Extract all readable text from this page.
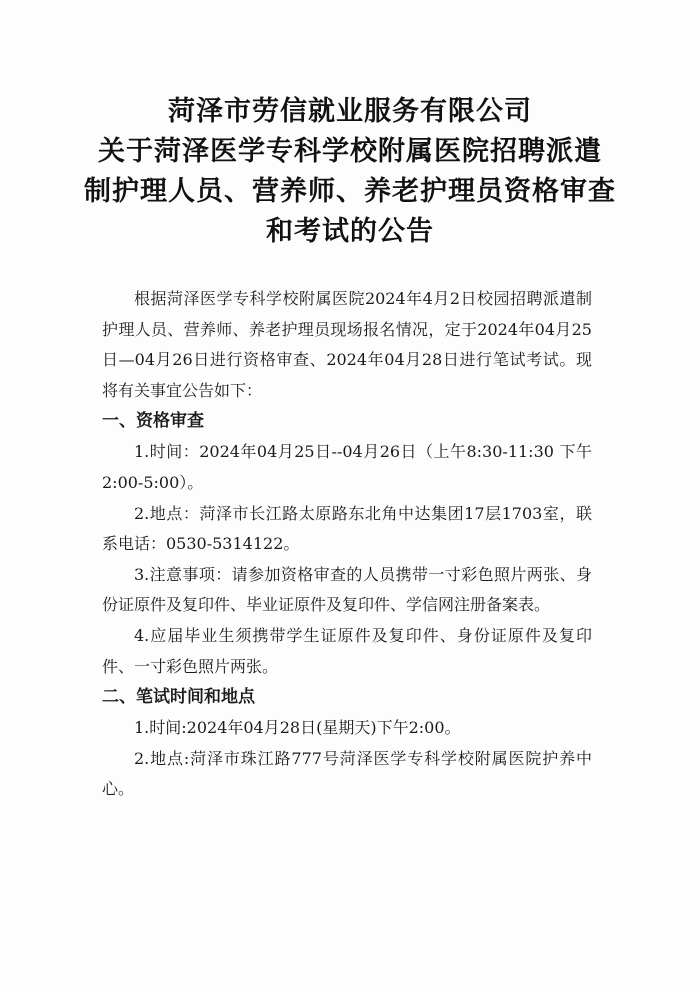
菏泽市劳信就业服务有限公司
关于菏泽医学专科学校附属医院招聘派遣
制护理人员、营养师、养老护理员资格审查
和考试的公告

根据菏泽医学专科学校附属医院2024年4月2日校园招聘派遣制护理人员、营养师、养老护理员现场报名情况，定于2024年04月25日—04月26日进行资格审查、2024年04月28日进行笔试考试。现将有关事宜公告如下：

一、资格审查

1.时间：2024年04月25日--04月26日（上午8:30-11:30 下午2:00-5:00）。

2.地点：菏泽市长江路太原路东北角中达集团17层1703室，联系电话：0530-5314122。

3.注意事项：请参加资格审查的人员携带一寸彩色照片两张、身份证原件及复印件、毕业证原件及复印件、学信网注册备案表。

4.应届毕业生须携带学生证原件及复印件、身份证原件及复印件、一寸彩色照片两张。

二、笔试时间和地点

1.时间:2024年04月28日(星期天)下午2:00。

2.地点:菏泽市珠江路777号菏泽医学专科学校附属医院护养中心。
